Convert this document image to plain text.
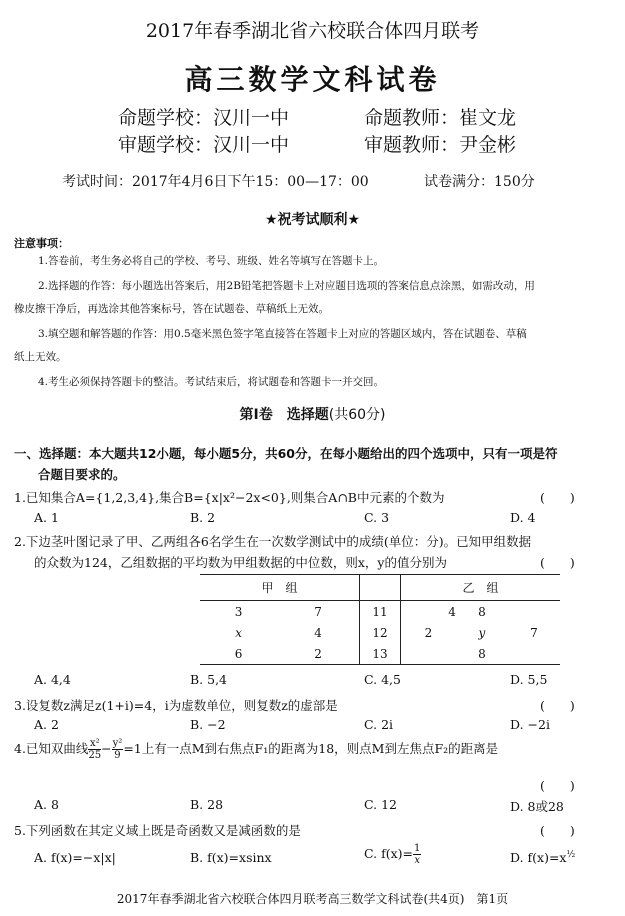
2017年春季湖北省六校联合体四月联考
高三数学文科试卷
命题学校：汉川一中	命题教师：崔文龙
审题学校：汉川一中	审题教师：尹金彬
考试时间：2017年4月6日下午15：00—17：00	试卷满分：150分
★祝考试顺利★
注意事项：
1.答卷前，考生务必将自己的学校、考号、班级、姓名等填写在答题卡上。
2.选择题的作答：每小题选出答案后，用2B铅笔把答题卡上对应题目选项的答案信息点涂黑，如需改动，用
橡皮擦干净后，再选涂其他答案标号，答在试题卷、草稿纸上无效。
3.填空题和解答题的作答：用0.5毫米黑色签字笔直接答在答题卡上对应的答题区域内，答在试题卷、草稿
纸上无效。
4.考生必须保持答题卡的整洁。考试结束后，将试题卷和答题卡一并交回。
第Ⅰ卷　选择题(共60分)
一、选择题：本大题共12小题，每小题5分，共60分，在每小题给出的四个选项中，只有一项是符
合题目要求的。
1.已知集合A={1,2,3,4},集合B={x|x²−2x<0},则集合A∩B中元素的个数为	(　　)
A. 1	B. 2	C. 3	D. 4
2.下边茎叶图记录了甲、乙两组各6名学生在一次数学测试中的成绩(单位：分)。已知甲组数据
的众数为124，乙组数据的平均数为甲组数据的中位数，则x，y的值分别为	(　　)
甲　组			乙　组		
3	7	11	4	8	
x	4	12	2	y	7
6	2	13		8	
A. 4,4	B. 5,4	C. 4,5	D. 5,5
3.设复数z满足z(1+i)=4，i为虚数单位，则复数z的虚部是	(　　)
A. 2	B. −2	C. 2i	D. −2i
4.已知双曲线 $\frac{\text{x²}}{25} - \frac{\text{y²}}{9} =1$上有一点M到右焦点F₁的距离为18，则点M到左焦点F₂的距离是
(　　)
A. 8	B. 28	C. 12	D. 8或28
5.下列函数在其定义域上既是奇函数又是减函数的是	(　　)
A. f(x)=−x|x|	B. f(x)=xsinx	C. $f(x)= \frac{1}{x}$	D. $f(x)=x^{\frac{1}{2}}$
2017年春季湖北省六校联合体四月联考高三数学文科试卷(共4页)　第1页
